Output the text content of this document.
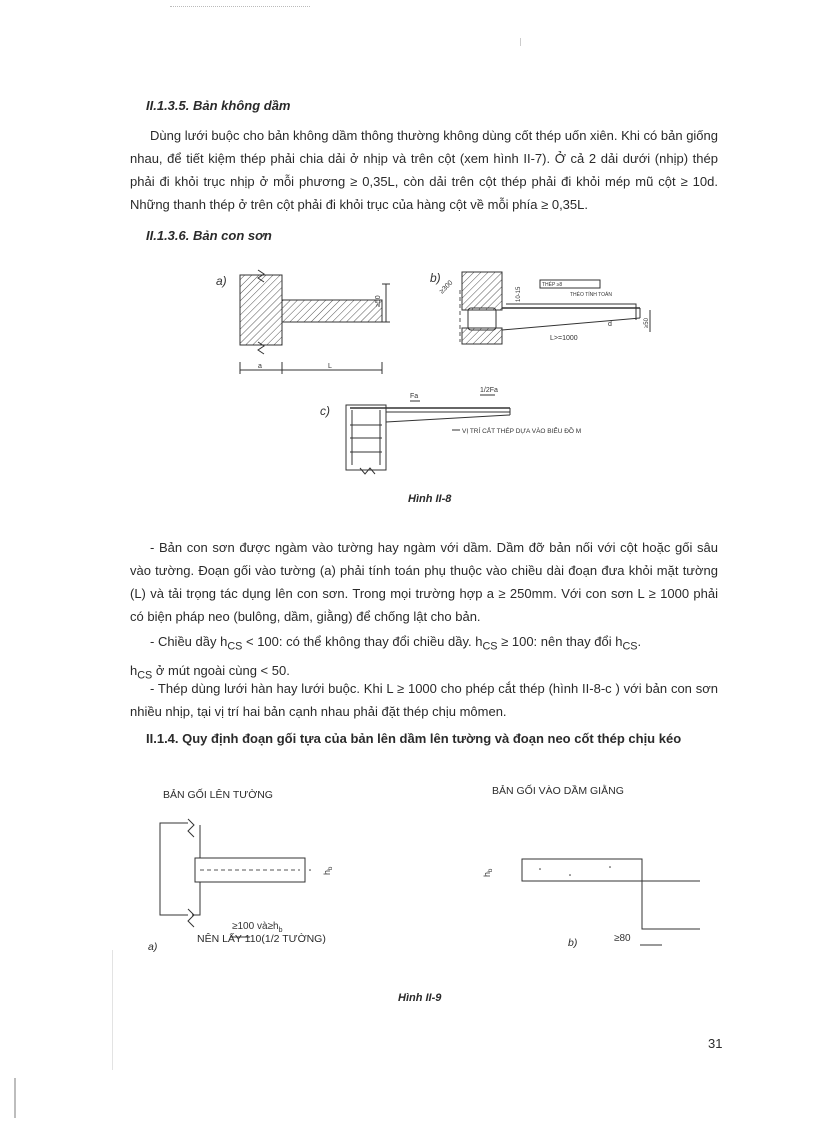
II.1.3.5. Bản không dầm
Dùng lưới buộc cho bản không dầm thông thường không dùng cốt thép uốn xiên. Khi có bản giống nhau, để tiết kiệm thép phải chia dải ở nhịp và trên cột (xem hình II-7). Ở cả 2 dải dưới (nhịp) thép phải đi khỏi trục nhịp ở mỗi phương ≥ 0,35L, còn dải trên cột thép phải đi khỏi mép mũ cột ≥ 10d. Những thanh thép ở trên cột phải đi khỏi trục của hàng cột về mỗi phía ≥ 0,35L.
II.1.3.6. Bản con sơn
a)
≥50
a	L
b)
≥300	10-15
THÉP ≥8
THÉO TÍNH TOÁN
d
L>=1000
≥50
c)
Fa
1/2Fa
VỊ TRÍ CẮT THÉP DỰA VÀO BIỂU ĐỒ M
Hình II-8
- Bản con sơn được ngàm vào tường hay ngàm với dầm. Dầm đỡ bản nối với cột hoặc gối sâu vào tường. Đoạn gối vào tường (a) phải tính toán phụ thuộc vào chiều dài đoạn đưa khỏi mặt tường (L) và tải trọng tác dụng lên con sơn. Trong mọi trường hợp a ≥ 250mm. Với con sơn L ≥ 1000 phải có biện pháp neo (bulông, dầm, giằng) để chống lật cho bản.
- Chiều dầy $h_{CS} < 100$: có thể không thay đổi chiều dầy. $h_{CS} \ge 100$: nên thay đổi $h_{CS}$.
$h_{CS}$ ở mút ngoài cùng < 50.
- Thép dùng lưới hàn hay lưới buộc. Khi L ≥ 1000 cho phép cắt thép (hình II-8-c ) với bản con sơn nhiều nhịp, tại vị trí hai bản cạnh nhau phải đặt thép chịu mômen.
II.1.4. Quy định đoạn gối tựa của bản lên dầm lên tường và đoạn neo cốt thép chịu kéo
BẢN GỐI LÊN TƯỜNG	BẢN GỐI VÀO DẦM GIẰNG
$h_b$
≥100 $và\ge h_b$
$h_b$
≥80
a)
NÊN LẤY 110(1/2 TƯỜNG)	b)
Hình II-9
31
